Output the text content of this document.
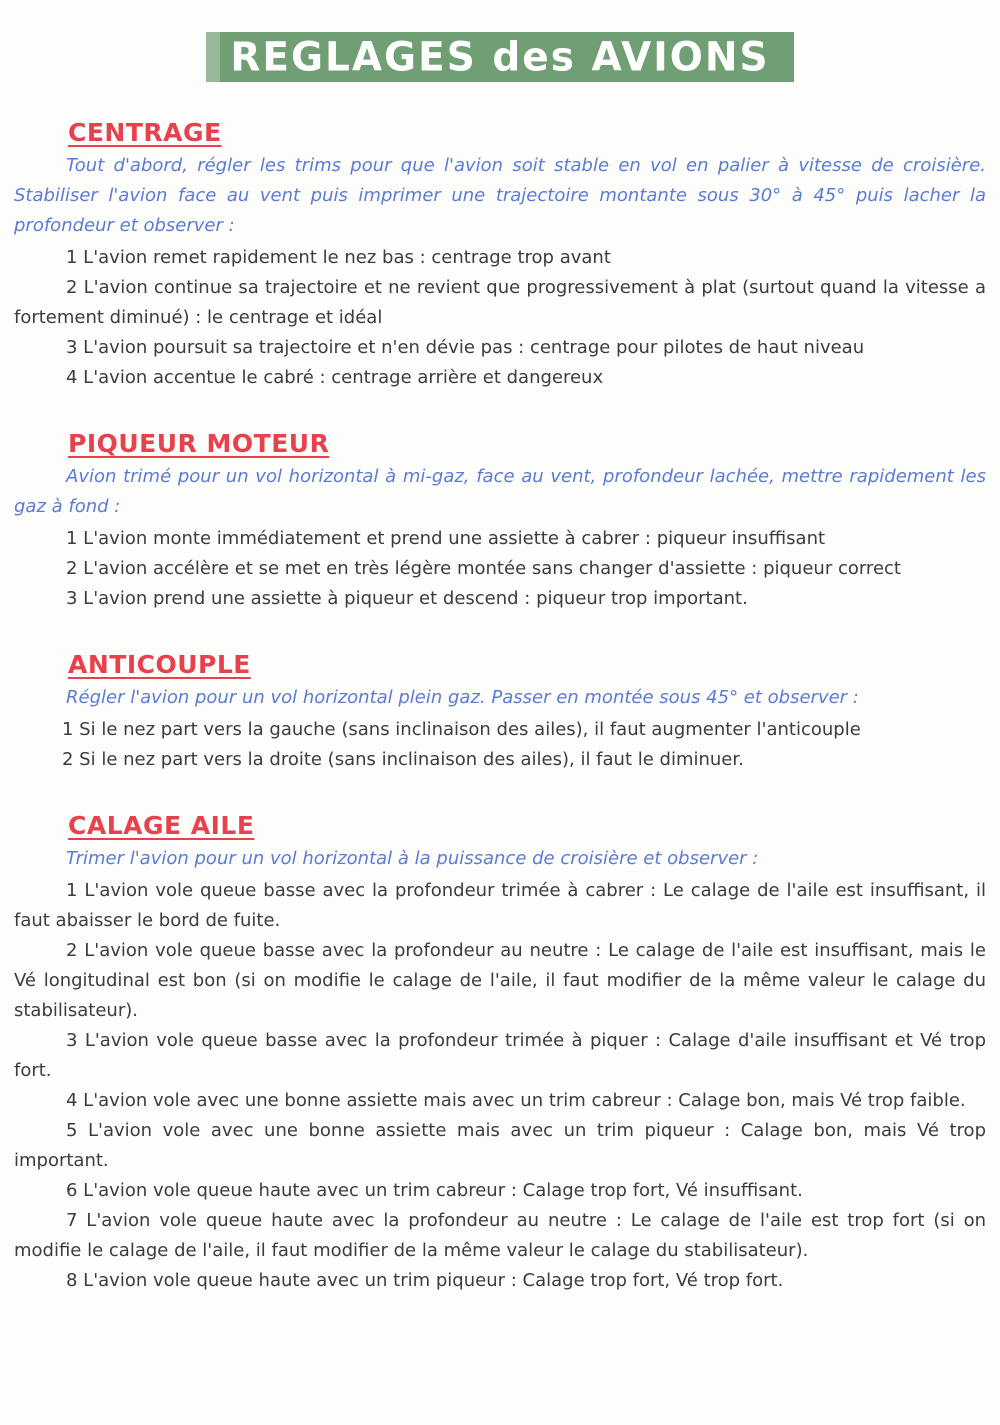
REGLAGES des AVIONS
CENTRAGE

Tout d'abord, régler les trims pour que l'avion soit stable en vol en palier à vitesse de croisière. Stabiliser l'avion face au vent puis imprimer une trajectoire montante sous 30° à 45° puis lacher la profondeur et observer :

1 L'avion remet rapidement le nez bas : centrage trop avant

2 L'avion continue sa trajectoire et ne revient que progressivement à plat (surtout quand la vitesse a fortement diminué) : le centrage et idéal

3 L'avion poursuit sa trajectoire et n'en dévie pas : centrage pour pilotes de haut niveau

4 L'avion accentue le cabré : centrage arrière et dangereux

PIQUEUR MOTEUR

Avion trimé pour un vol horizontal à mi-gaz, face au vent, profondeur lachée, mettre rapidement les gaz à fond :

1 L'avion monte immédiatement et prend une assiette à cabrer : piqueur insuffisant

2 L'avion accélère et se met en très légère montée sans changer d'assiette : piqueur correct

3 L'avion prend une assiette à piqueur et descend : piqueur trop important.

ANTICOUPLE

Régler l'avion pour un vol horizontal plein gaz. Passer en montée sous 45° et observer :

1 Si le nez part vers la gauche (sans inclinaison des ailes), il faut augmenter l'anticouple

2 Si le nez part vers la droite (sans inclinaison des ailes), il faut le diminuer.

CALAGE AILE

Trimer l'avion pour un vol horizontal à la puissance de croisière et observer :

1 L'avion vole queue basse avec la profondeur trimée à cabrer : Le calage de l'aile est insuffisant, il faut abaisser le bord de fuite.

2 L'avion vole queue basse avec la profondeur au neutre : Le calage de l'aile est insuffisant, mais le Vé longitudinal est bon (si on modifie le calage de l'aile, il faut modifier de la même valeur le calage du stabilisateur).

3 L'avion vole queue basse avec la profondeur trimée à piquer : Calage d'aile insuffisant et Vé trop fort.

4 L'avion vole avec une bonne assiette mais avec un trim cabreur : Calage bon, mais Vé trop faible.

5 L'avion vole avec une bonne assiette mais avec un trim piqueur : Calage bon, mais Vé trop important.

6 L'avion vole queue haute avec un trim cabreur : Calage trop fort, Vé insuffisant.

7 L'avion vole queue haute avec la profondeur au neutre : Le calage de l'aile est trop fort (si on modifie le calage de l'aile, il faut modifier de la même valeur le calage du stabilisateur).

8 L'avion vole queue haute avec un trim piqueur : Calage trop fort, Vé trop fort.
